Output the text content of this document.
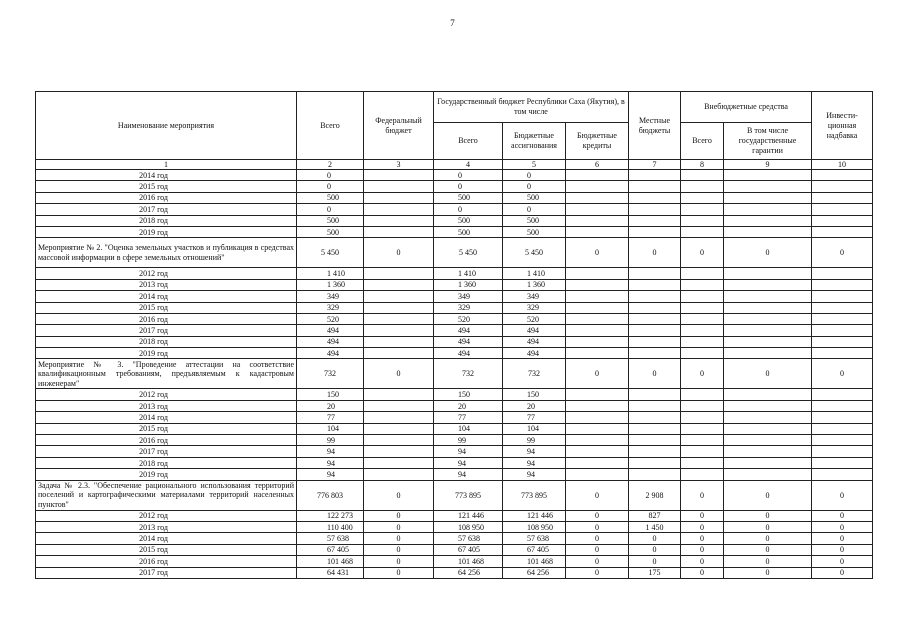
7
Наименование мероприятия	Всего	Федеральный бюджет	Государственный бюджет Республики Саха (Якутия), в том числе			Местные бюджеты	Внебюджетные средства		Инвести-ционная надбавка
			Всего	Бюджетные ассигнования	Бюджетные кредиты		Всего	В том числе государственные гарантии	
1	2	3	4	5	6	7	8	9	10
2014 год	0		0	0					
2015 год	0		0	0					
2016 год	500		500	500					
2017 год	0		0	0					
2018 год	500		500	500					
2019 год	500		500	500					
Мероприятие № 2. "Оценка земельных участков и публикация в средствах массовой информации в сфере земельных отношений"	5 450	0	5 450	5 450	0	0	0	0	0
2012 год	1 410		1 410	1 410					
2013 год	1 360		1 360	1 360					
2014 год	349		349	349					
2015 год	329		329	329					
2016 год	520		520	520					
2017 год	494		494	494					
2018 год	494		494	494					
2019 год	494		494	494					
Мероприятие № 3. "Проведение аттестации на соответствие квалификационным требованиям, предъявляемым к кадастровым инженерам"	732	0	732	732	0	0	0	0	0
2012 год	150		150	150					
2013 год	20		20	20					
2014 год	77		77	77					
2015 год	104		104	104					
2016 год	99		99	99					
2017 год	94		94	94					
2018 год	94		94	94					
2019 год	94		94	94					
Задача № 2.3. "Обеспечение рационального использования территорий поселений и картографическими материалами территорий населенных пунктов"	776 803	0	773 895	773 895	0	2 908	0	0	0
2012 год	122 273	0	121 446	121 446	0	827	0	0	0
2013 год	110 400	0	108 950	108 950	0	1 450	0	0	0
2014 год	57 638	0	57 638	57 638	0	0	0	0	0
2015 год	67 405	0	67 405	67 405	0	0	0	0	0
2016 год	101 468	0	101 468	101 468	0	0	0	0	0
2017 год	64 431	0	64 256	64 256	0	175	0	0	0
